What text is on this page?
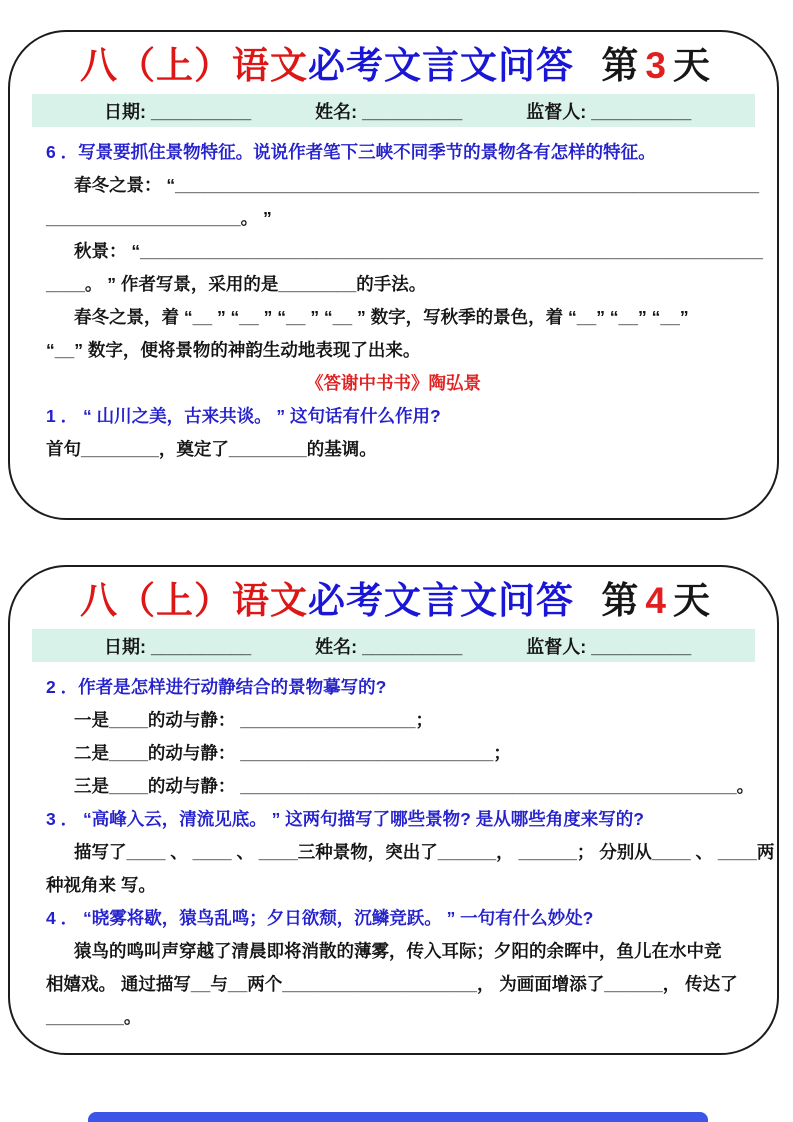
八（上）语文 必考文言文问答 第 3 天
日期: __________	姓名: __________	监督人: __________
6 ．写景要抓住景物特征。说说作者笔下三峡不同季节的景物各有怎样的特征。
春冬之景： “____________________________________________________________
____________________。 ”
秋景： “________________________________________________________________
____。 ” 作者写景，采用的是________的手法。
春冬之景，着 “__ ” “__ ” “__ ” “__ ” 数字，写秋季的景色，着 “__” “__” “__”
“__” 数字，便将景物的神韵生动地表现了出来。
《答谢中书书》陶弘景
1 ． “ 山川之美，古来共谈。 ” 这句话有什么作用?
首句________，奠定了________的基调。
八（上）语文 必考文言文问答 第 4 天
日期: __________	姓名: __________	监督人: __________
2 ．作者是怎样进行动静结合的景物摹写的?
一是____的动与静： __________________；
二是____的动与静： __________________________；
三是____的动与静： ___________________________________________________。
3 ． “高峰入云，清流见底。 ” 这两句描写了哪些景物? 是从哪些角度来写的?
描写了____ 、 ____ 、 ____三种景物，突出了______， ______； 分别从____ 、 ____两
种视角来 写。
4 ． “晓雾将歇，猿鸟乱鸣；夕日欲颓，沉鳞竞跃。 ” 一句有什么妙处?
猿鸟的鸣叫声穿越了清晨即将消散的薄雾，传入耳际；夕阳的余晖中，鱼儿在水中竞
相嬉戏。 通过描写__与__两个____________________， 为画面增添了______， 传达了
________。
